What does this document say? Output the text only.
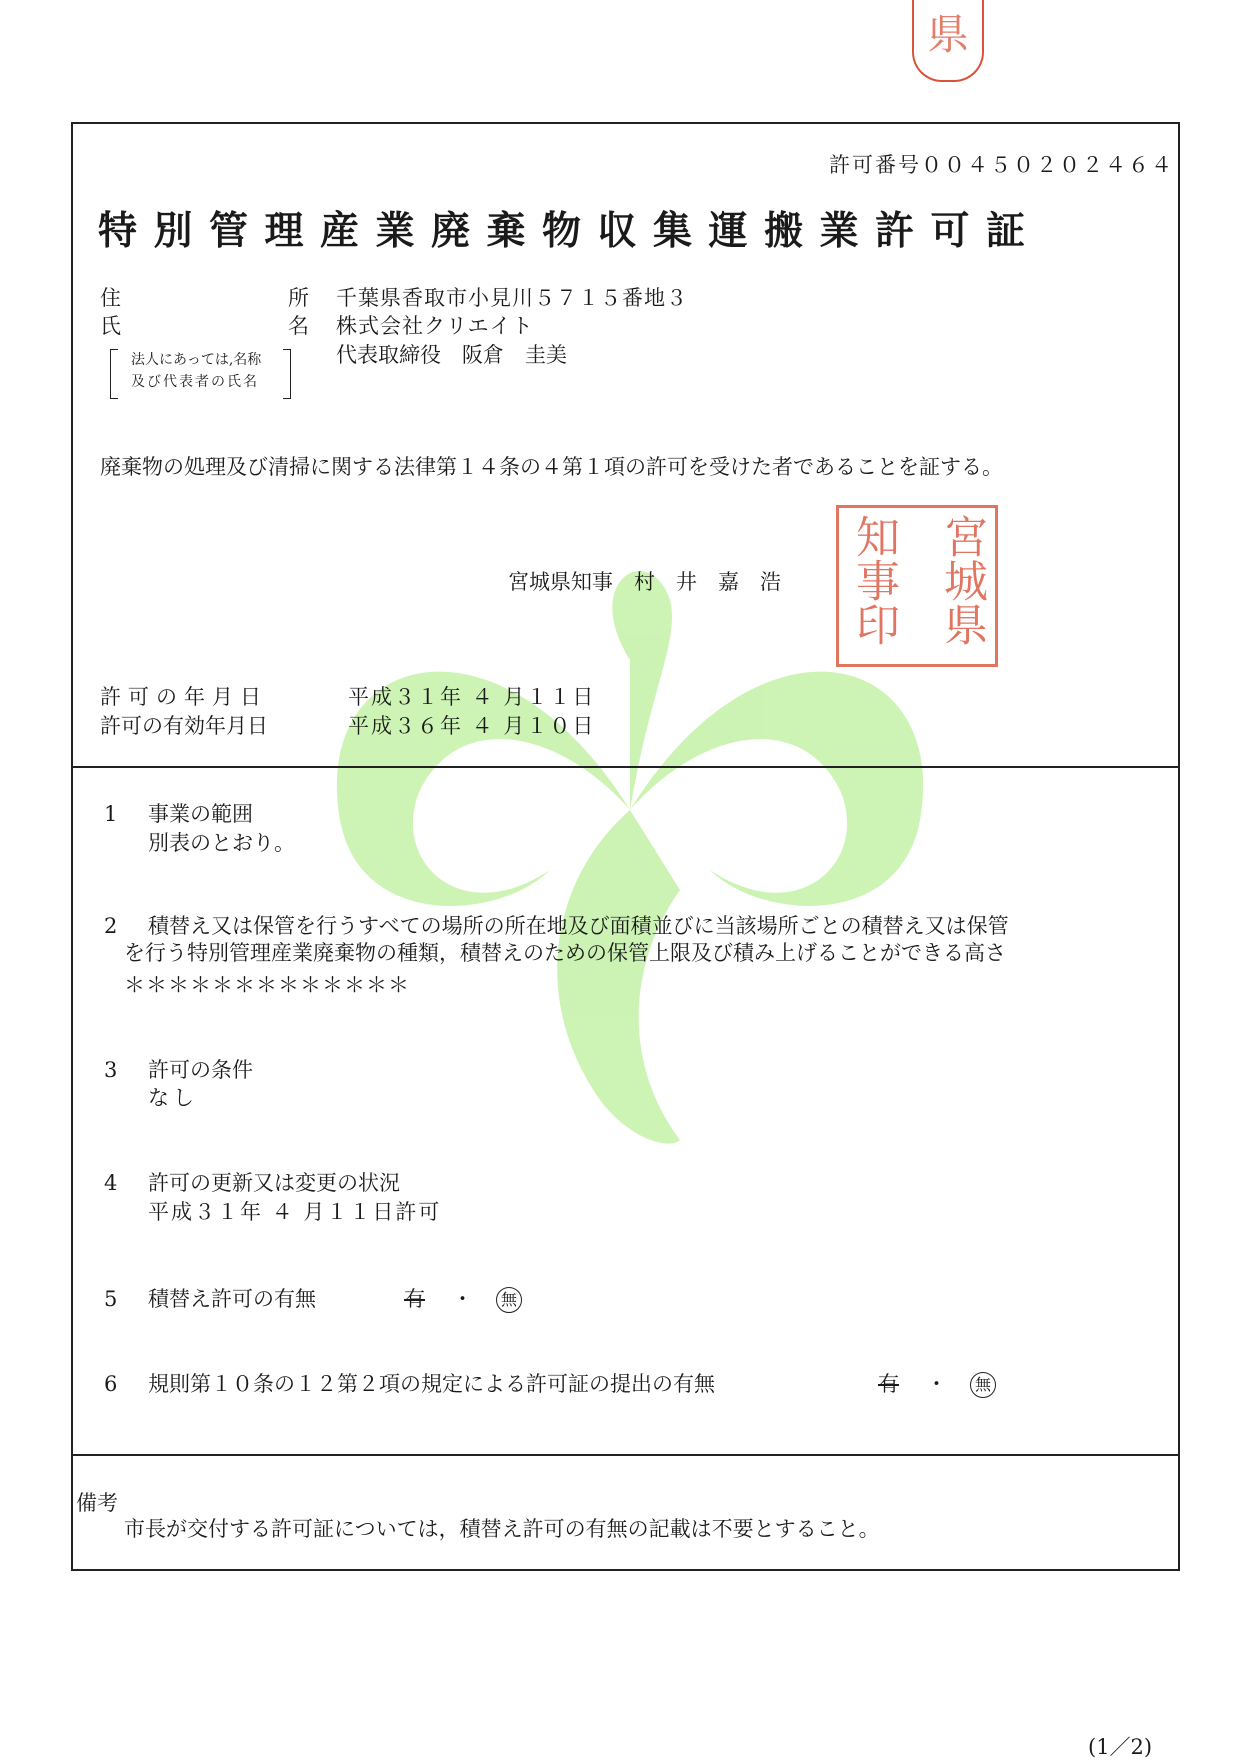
県
許可番号００４５０２０２４６４
特別管理産業廃棄物収集運搬業許可証
住	所 千葉県香取市小見川５７１５番地３
氏	名 株式会社クリエイト
代表取締役　阪倉　圭美
法人にあっては,名称
及び代表者の氏名
廃棄物の処理及び清掃に関する法律第１４条の４第１項の許可を受けた者であることを証する。
宮城県知事　村　井　嘉　浩	宮城県
知事印
許可の年月日	平成３１年 ４ 月１１日
許可の有効年月日	平成３６年 ４ 月１０日
1 事業の範囲
別表のとおり。
2 積替え又は保管を行うすべての場所の所在地及び面積並びに当該場所ごとの積替え又は保管
を行う特別管理産業廃棄物の種類，積替えのための保管上限及び積み上げることができる高さ
＊＊＊＊＊＊＊＊＊＊＊＊＊
3 許可の条件
なし
4 許可の更新又は変更の状況
平成３１年 ４ 月１１日許可
5 積替え許可の有無	有 ・	無
6 規則第１０条の１２第２項の規定による許可証の提出の有無	有 ・	無
備考
市長が交付する許可証については，積替え許可の有無の記載は不要とすること。
(1／2)
